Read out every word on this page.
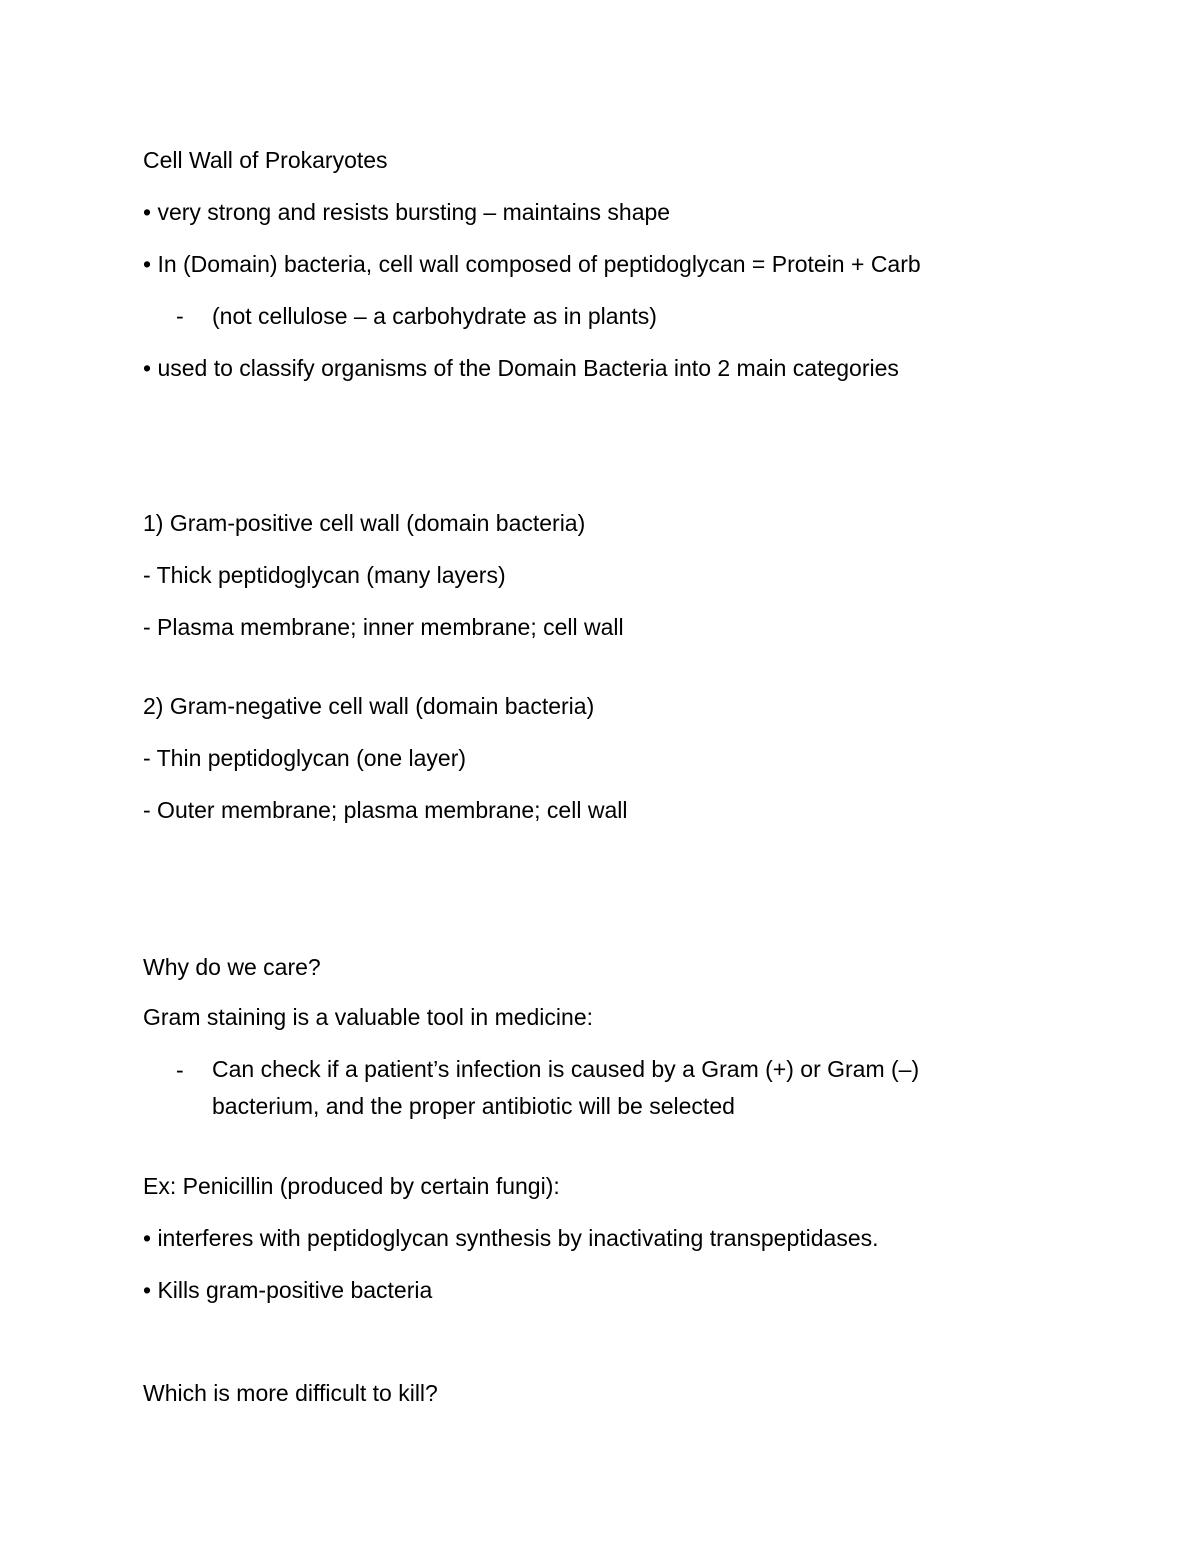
Cell Wall of Prokaryotes
• very strong and resists bursting – maintains shape
• In (Domain) bacteria, cell wall composed of peptidoglycan = Protein + Carb
- (not cellulose – a carbohydrate as in plants)
• used to classify organisms of the Domain Bacteria into 2 main categories
1) Gram-positive cell wall (domain bacteria)
- Thick peptidoglycan (many layers)
- Plasma membrane; inner membrane; cell wall
2) Gram-negative cell wall (domain bacteria)
- Thin peptidoglycan (one layer)
- Outer membrane; plasma membrane; cell wall
Why do we care?
Gram staining is a valuable tool in medicine:
- Can check if a patient’s infection is caused by a Gram (+) or Gram (–) bacterium, and the proper antibiotic will be selected
Ex: Penicillin (produced by certain fungi):
• interferes with peptidoglycan synthesis by inactivating transpeptidases.
• Kills gram-positive bacteria
Which is more difficult to kill?
